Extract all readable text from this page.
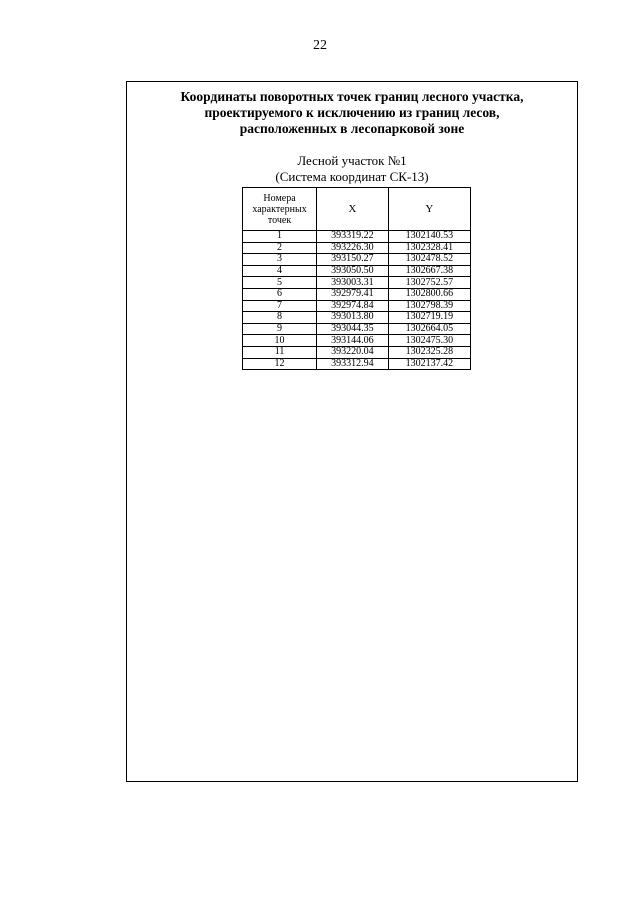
22
Координаты поворотных точек границ лесного участка,
проектируемого к исключению из границ лесов,
расположенных в лесопарковой зоне
Лесной участок №1
(Система координат СК-13)
Номера характерных точек	X	Y
1	393319.22	1302140.53
2	393226.30	1302328.41
3	393150.27	1302478.52
4	393050.50	1302667.38
5	393003.31	1302752.57
6	392979.41	1302800.66
7	392974.84	1302798.39
8	393013.80	1302719.19
9	393044.35	1302664.05
10	393144.06	1302475.30
11	393220.04	1302325.28
12	393312.94	1302137.42
